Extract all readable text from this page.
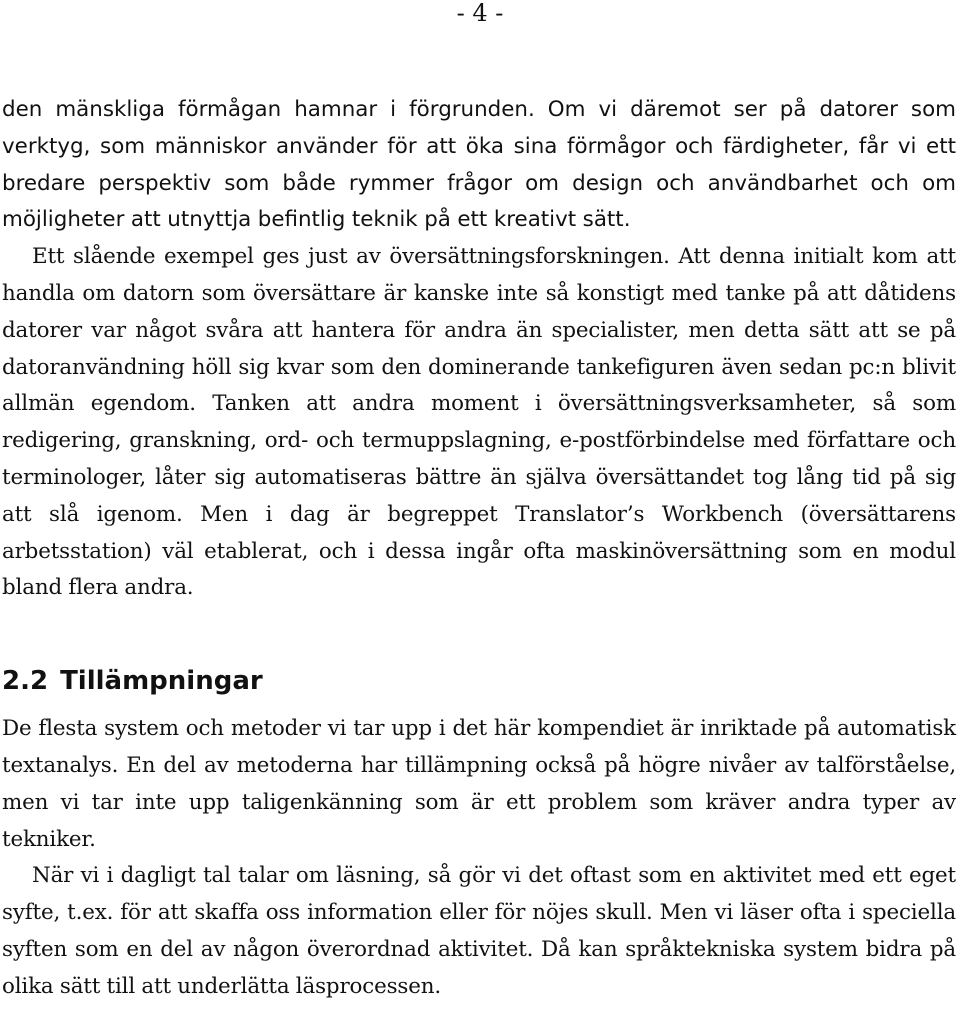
- 4 -

den mänskliga förmågan hamnar i förgrunden. Om vi däremot ser på datorer som verktyg, som människor använder för att öka sina förmågor och färdigheter, får vi ett bredare perspektiv som både rymmer frågor om design och användbarhet och om möjligheter att utnyttja befintlig teknik på ett kreativt sätt.

Ett slående exempel ges just av översättningsforskningen. Att denna initialt kom att handla om datorn som översättare är kanske inte så konstigt med tanke på att dåtidens datorer var något svåra att hantera för andra än specialister, men detta sätt att se på datoranvändning höll sig kvar som den dominerande tankefiguren även sedan pc:n blivit allmän egendom. Tanken att andra moment i översättningsverksamheter, så som redigering, granskning, ord- och termuppslagning, e-postförbindelse med författare och terminologer, låter sig automatiseras bättre än själva översättandet tog lång tid på sig att slå igenom. Men i dag är begreppet Translator’s Workbench (översättarens arbetsstation) väl etablerat, och i dessa ingår ofta maskinöversättning som en modul bland flera andra.

2.2 Tillämpningar

De flesta system och metoder vi tar upp i det här kompendiet är inriktade på automatisk textanalys. En del av metoderna har tillämpning också på högre nivåer av talförståelse, men vi tar inte upp taligenkänning som är ett problem som kräver andra typer av tekniker.

När vi i dagligt tal talar om läsning, så gör vi det oftast som en aktivitet med ett eget syfte, t.ex. för att skaffa oss information eller för nöjes skull. Men vi läser ofta i speciella syften som en del av någon överordnad aktivitet. Då kan språktekniska system bidra på olika sätt till att underlätta läsprocessen.
